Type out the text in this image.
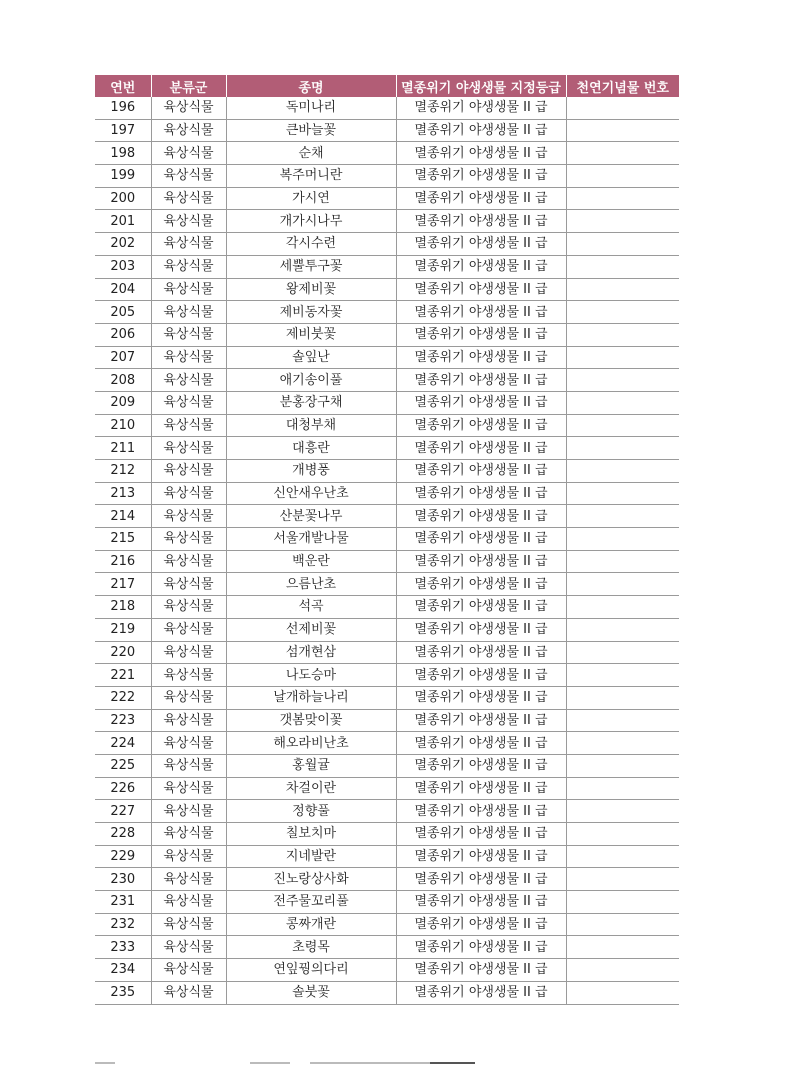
연번	분류군	종명	멸종위기 야생생물 지정등급	천연기념물 번호
196	육상식물	독미나리	멸종위기 야생생물 II 급	
197	육상식물	큰바늘꽃	멸종위기 야생생물 II 급	
198	육상식물	순채	멸종위기 야생생물 II 급	
199	육상식물	복주머니란	멸종위기 야생생물 II 급	
200	육상식물	가시연	멸종위기 야생생물 II 급	
201	육상식물	개가시나무	멸종위기 야생생물 II 급	
202	육상식물	각시수련	멸종위기 야생생물 II 급	
203	육상식물	세뿔투구꽃	멸종위기 야생생물 II 급	
204	육상식물	왕제비꽃	멸종위기 야생생물 II 급	
205	육상식물	제비동자꽃	멸종위기 야생생물 II 급	
206	육상식물	제비붓꽃	멸종위기 야생생물 II 급	
207	육상식물	솔잎난	멸종위기 야생생물 II 급	
208	육상식물	애기송이풀	멸종위기 야생생물 II 급	
209	육상식물	분홍장구채	멸종위기 야생생물 II 급	
210	육상식물	대청부채	멸종위기 야생생물 II 급	
211	육상식물	대흥란	멸종위기 야생생물 II 급	
212	육상식물	개병풍	멸종위기 야생생물 II 급	
213	육상식물	신안새우난초	멸종위기 야생생물 II 급	
214	육상식물	산분꽃나무	멸종위기 야생생물 II 급	
215	육상식물	서울개발나물	멸종위기 야생생물 II 급	
216	육상식물	백운란	멸종위기 야생생물 II 급	
217	육상식물	으름난초	멸종위기 야생생물 II 급	
218	육상식물	석곡	멸종위기 야생생물 II 급	
219	육상식물	선제비꽃	멸종위기 야생생물 II 급	
220	육상식물	섬개현삼	멸종위기 야생생물 II 급	
221	육상식물	나도승마	멸종위기 야생생물 II 급	
222	육상식물	날개하늘나리	멸종위기 야생생물 II 급	
223	육상식물	갯봄맞이꽃	멸종위기 야생생물 II 급	
224	육상식물	해오라비난초	멸종위기 야생생물 II 급	
225	육상식물	홍월귤	멸종위기 야생생물 II 급	
226	육상식물	차걸이란	멸종위기 야생생물 II 급	
227	육상식물	정향풀	멸종위기 야생생물 II 급	
228	육상식물	칠보치마	멸종위기 야생생물 II 급	
229	육상식물	지네발란	멸종위기 야생생물 II 급	
230	육상식물	진노랑상사화	멸종위기 야생생물 II 급	
231	육상식물	전주물꼬리풀	멸종위기 야생생물 II 급	
232	육상식물	콩짜개란	멸종위기 야생생물 II 급	
233	육상식물	초령목	멸종위기 야생생물 II 급	
234	육상식물	연잎꿩의다리	멸종위기 야생생물 II 급	
235	육상식물	솔붓꽃	멸종위기 야생생물 II 급	
